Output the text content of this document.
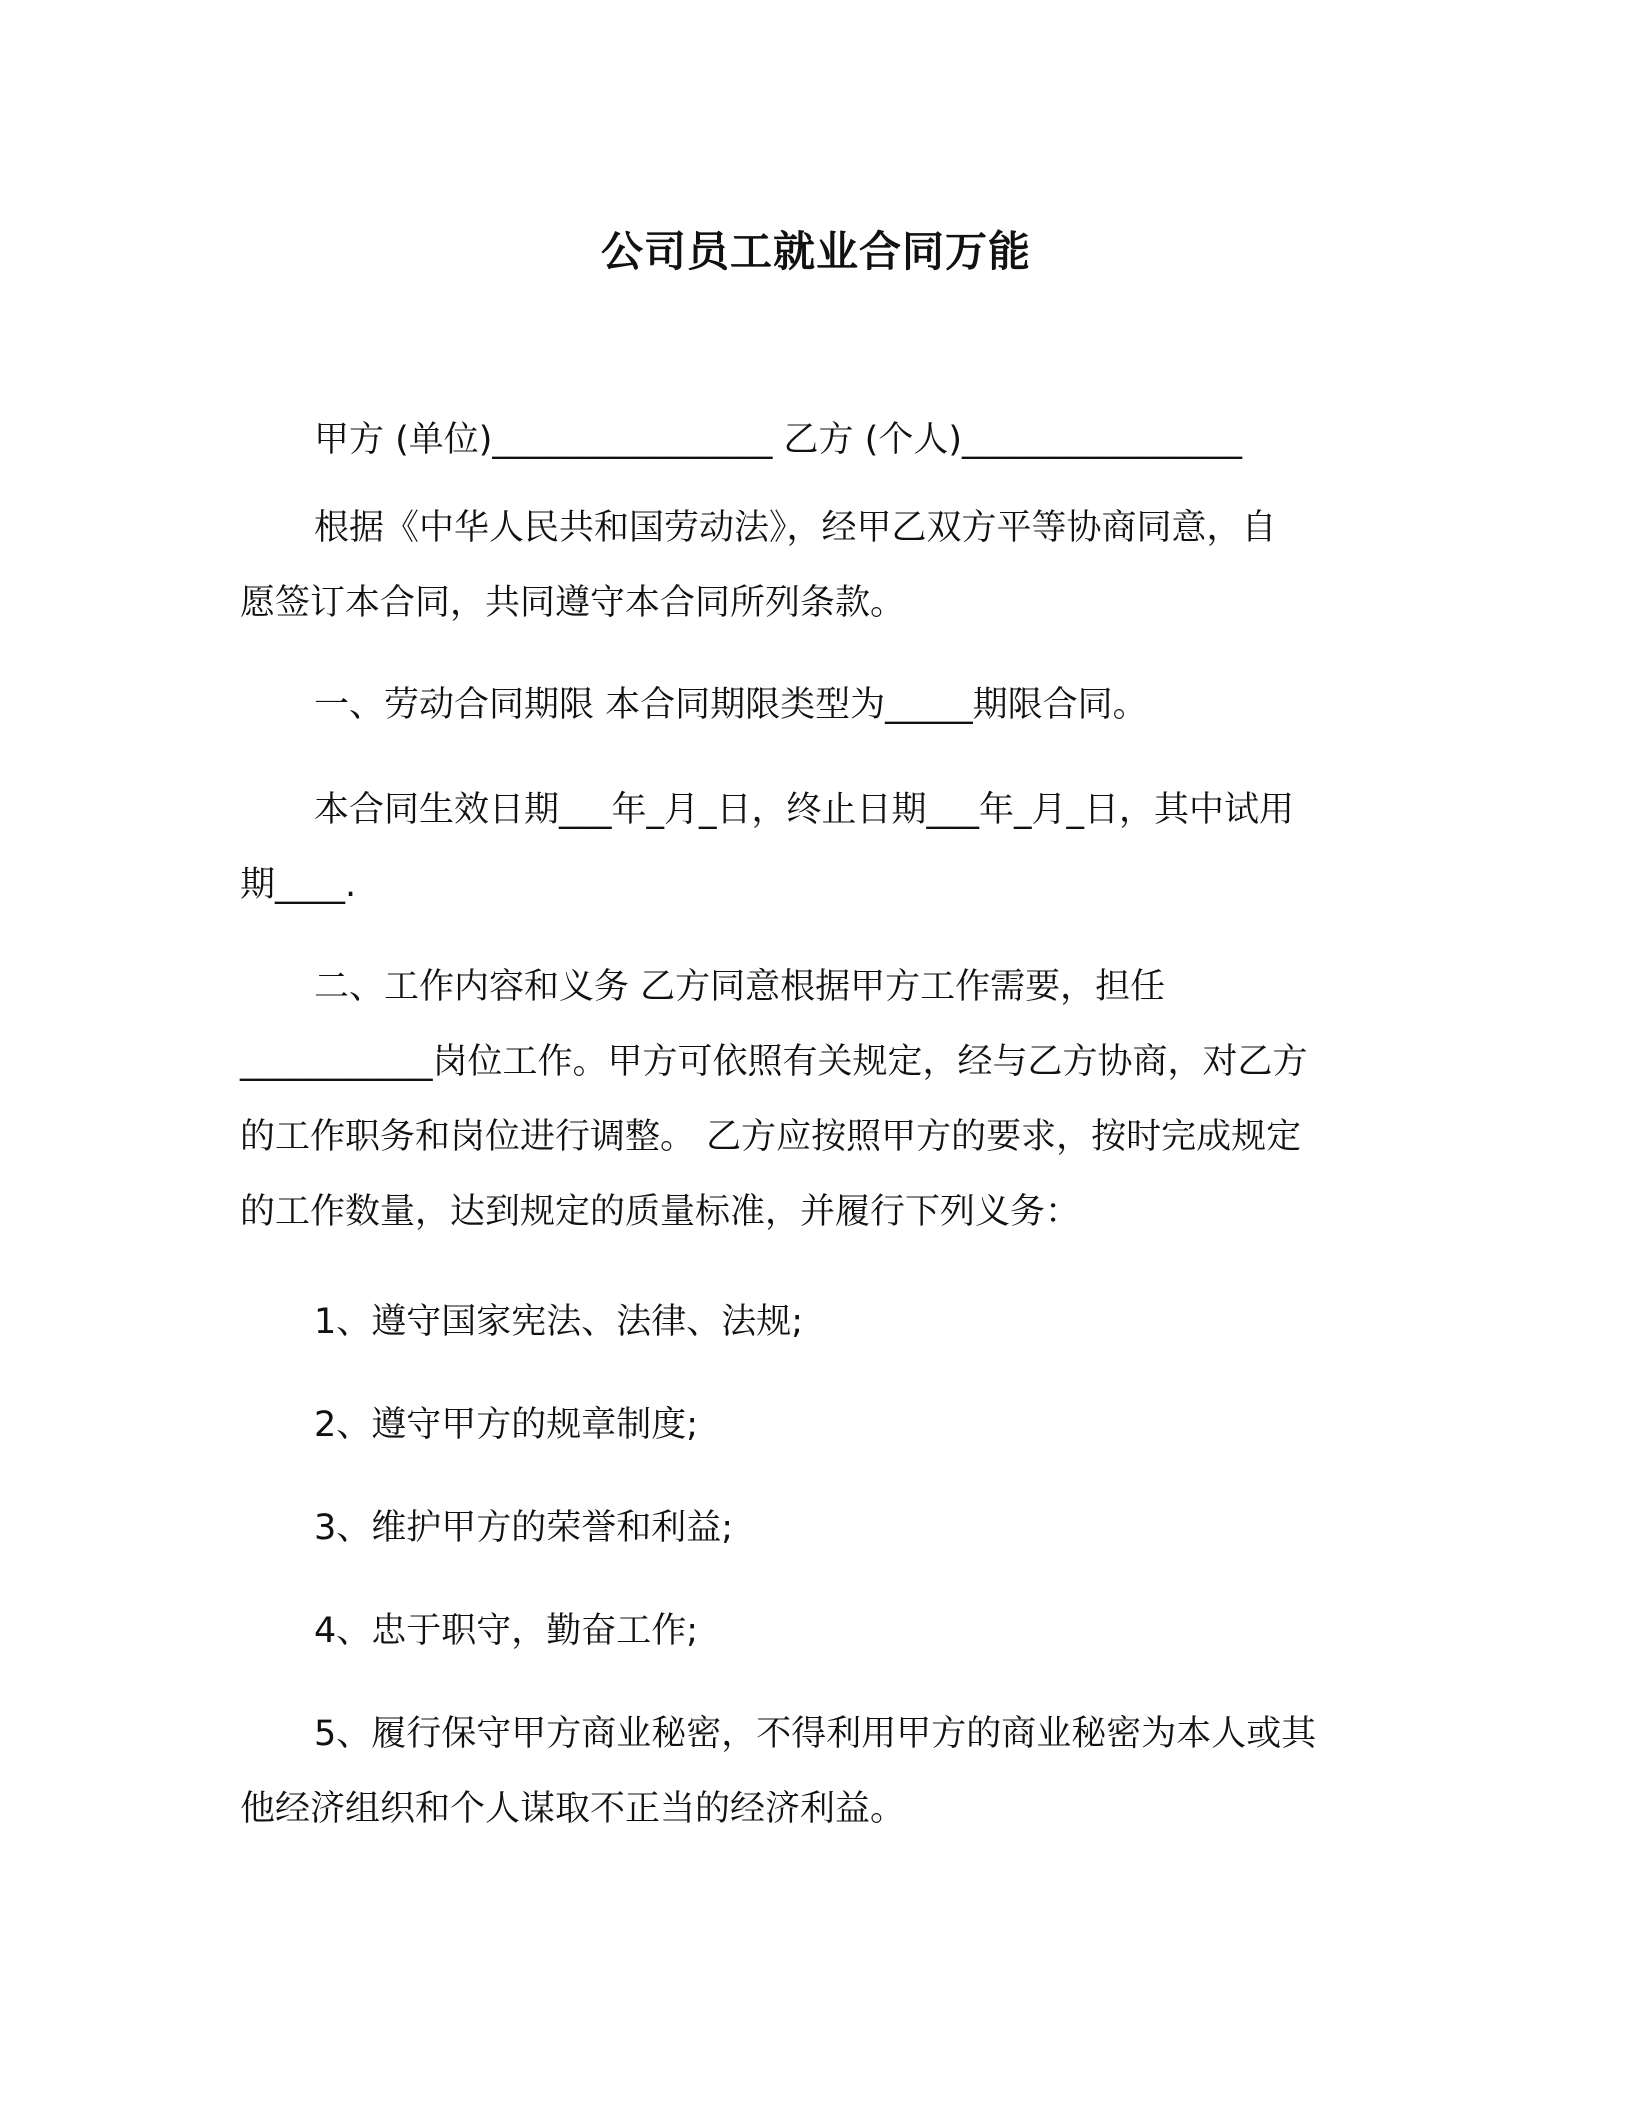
公司员工就业合同万能

甲方 (单位)________________ 乙方 (个人)________________

根据《中华人民共和国劳动法》，经甲乙双方平等协商同意，自

愿签订本合同，共同遵守本合同所列条款。

一、劳动合同期限 本合同期限类型为_____期限合同。

本合同生效日期___年_月_日，终止日期___年_月_日，其中试用

期____.

二、工作内容和义务 乙方同意根据甲方工作需要，担任

___________岗位工作。甲方可依照有关规定，经与乙方协商，对乙方

的工作职务和岗位进行调整。 乙方应按照甲方的要求，按时完成规定

的工作数量，达到规定的质量标准，并履行下列义务：

1、遵守国家宪法、法律、法规;

2、遵守甲方的规章制度;

3、维护甲方的荣誉和利益;

4、忠于职守，勤奋工作;

5、履行保守甲方商业秘密，不得利用甲方的商业秘密为本人或其

他经济组织和个人谋取不正当的经济利益。
